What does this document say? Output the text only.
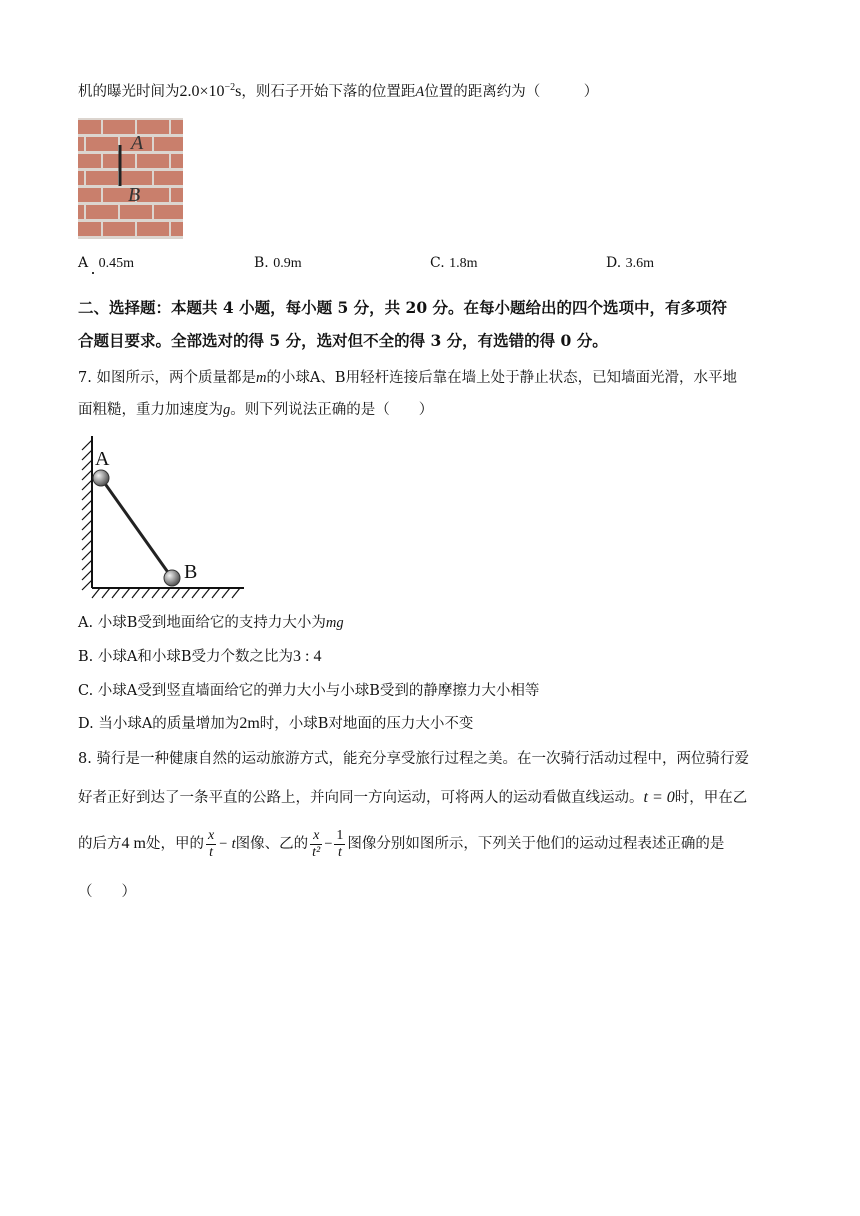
机的曝光时间为$2.0\times 10^{-2}s$，则石子开始下落的位置距A位置的距离约为（　　　）
A
B
A 0.45m	B. 0.9m	C. 1.8m	D. 3.6m
二、选择题：本题共 4 小题，每小题 5 分，共 20 分。在每小题给出的四个选项中，有多项符
合题目要求。全部选对的得 5 分，选对但不全的得 3 分，有选错的得 0 分。
7. 如图所示，两个质量都是m的小球A、B用轻杆连接后靠在墙上处于静止状态，已知墙面光滑，水平地
面粗糙，重力加速度为g。则下列说法正确的是（　　）
A
B
A. 小球B受到地面给它的支持力大小为mg
B. 小球A和小球B受力个数之比为3 : 4
C. 小球A受到竖直墙面给它的弹力大小与小球B受到的静摩擦力大小相等
D. 当小球A的质量增加为2m时，小球B对地面的压力大小不变
8. 骑行是一种健康自然的运动旅游方式，能充分享受旅行过程之美。在一次骑行活动过程中，两位骑行爱
好者正好到达了一条平直的公路上，并向同一方向运动，可将两人的运动看做直线运动。t = 0时，甲在乙
的后方4 m处，甲的 $\frac{x}{t} - t$图像、乙的 $\frac{x}{\text{t²}} - \frac{1}{t}$ 图像分别如图所示，下列关于他们的运动过程表述正确的是
（　　）
